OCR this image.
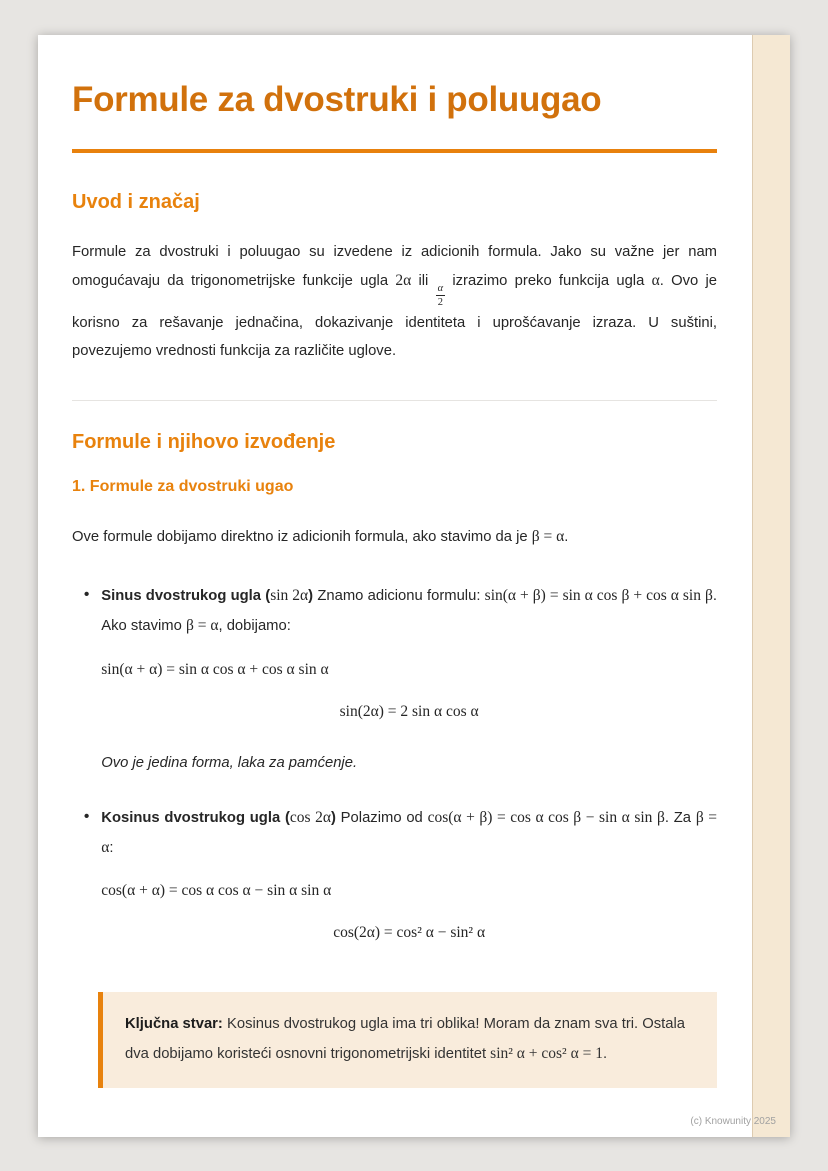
Formule za dvostruki i poluugao
Uvod i značaj

Formule za dvostruki i poluugao su izvedene iz adicionih formula. Jako su važne jer nam omogućavaju da trigonometrijske funkcije ugla 2α ili
$\frac{\alpha}{2}$
izrazimo preko funkcija ugla α. Ovo je korisno za rešavanje jednačina, dokazivanje identiteta i uprošćavanje izraza. U suštini, povezujemo vrednosti funkcija za različite uglove.

Formule i njihovo izvođenje
1. Formule za dvostruki ugao

Ove formule dobijamo direktno iz adicionih formula, ako stavimo da je β = α.

• Sinus dvostrukog ugla (sin 2α) Znamo adicionu formulu: sin(α + β) = sin α cos β + cos α sin β. Ako stavimo β = α, dobijamo:

sin(α + α) = sin α cos α + cos α sin α

sin(2α) = 2 sin α cos α

Ovo je jedina forma, laka za pamćenje.

• Kosinus dvostrukog ugla (cos 2α) Polazimo od cos(α + β) = cos α cos β − sin α sin β. Za β = α:

cos(α + α) = cos α cos α − sin α sin α

cos(2α) = cos² α − sin² α

Ključna stvar: Kosinus dvostrukog ugla ima tri oblika! Moram da znam sva tri. Ostala dva dobijamo koristeći osnovni trigonometrijski identitet sin² α + cos² α = 1.
(c) Knowunity 2025
